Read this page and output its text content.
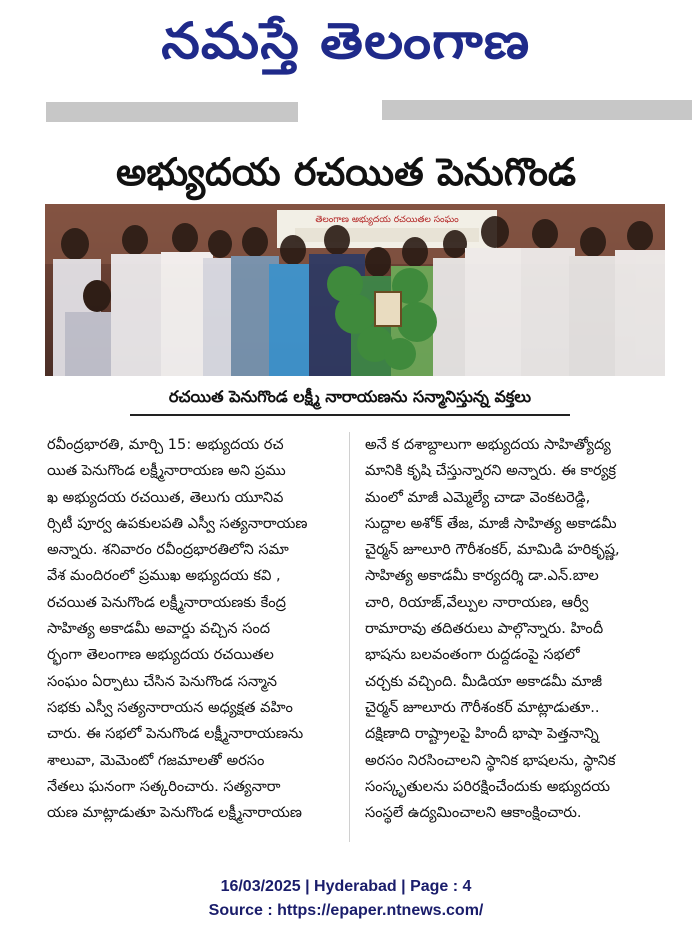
నమస్తే తెలంగాణ
అభ్యుదయ రచయిత పెనుగొండ
తెలంగాణ అభ్యుదయ రచయితల సంఘం
రచయిత పెనుగొండ లక్ష్మీ నారాయణను సన్మానిస్తున్న వక్తలు
రవీంద్రభారతి, మార్చి 15: అభ్యుదయ రచ
యిత పెనుగొండ లక్ష్మీనారాయణ అని ప్రము
ఖ అభ్యుదయ రచయిత, తెలుగు యూనివ
ర్సిటీ పూర్వ ఉపకులపతి ఎస్వీ సత్యనారాయణ
అన్నారు. శనివారం రవీంద్రభారతిలోని సమా
వేశ మందిరంలో ప్రముఖ అభ్యుదయ కవి ,
రచయిత పెనుగొండ లక్ష్మీనారాయణకు కేంద్ర
సాహిత్య అకాడమీ అవార్డు వచ్చిన సంద
ర్భంగా తెలంగాణ అభ్యుదయ రచయితల
సంఘం ఏర్పాటు చేసిన పెనుగొండ సన్మాన
సభకు ఎస్వీ సత్యనారాయన అధ్యక్షత వహిం
చారు. ఈ సభలో పెనుగొండ లక్ష్మీనారాయణను
శాలువా, మెమెంటో గజమాలతో అరసం
నేతలు ఘనంగా సత్కరించారు. సత్యనారా
యణ మాట్లాడుతూ పెనుగొండ లక్ష్మీనారాయణ
అనే క దశాబ్దాలుగా అభ్యుదయ సాహిత్యోద్య
మానికి కృషి చేస్తున్నారని అన్నారు. ఈ కార్యక్ర
మంలో మాజీ ఎమ్మెల్యే చాడా వెంకటరెడ్డి,
సుద్దాల అశోక్ తేజ, మాజీ సాహిత్య అకాడమీ
చైర్మన్ జూలూరి గౌరీశంకర్, మామిడి హరికృష్ణ,
సాహిత్య అకాడమీ కార్యదర్శి డా.ఎన్.బాల
చారి, రియాజ్,వేల్పుల నారాయణ, ఆర్వీ
రామారావు తదితరులు పాల్గొన్నారు. హిందీ
భాషను బలవంతంగా రుద్దడంపై సభలో
చర్చకు వచ్చింది. మీడియా అకాడమీ మాజీ
చైర్మన్ జూలూరు గౌరీశంకర్ మాట్లాడుతూ..
దక్షిణాది రాష్ట్రాలపై హిందీ భాషా పెత్తనాన్ని
అరసం నిరసించాలని స్థానిక భాషలను, స్థానిక
సంస్కృతులను పరిరక్షించేందుకు అభ్యుదయ
సంస్థలే ఉద్యమించాలని ఆకాంక్షించారు.
16/03/2025 | Hyderabad | Page : 4
Source : https://epaper.ntnews.com/
